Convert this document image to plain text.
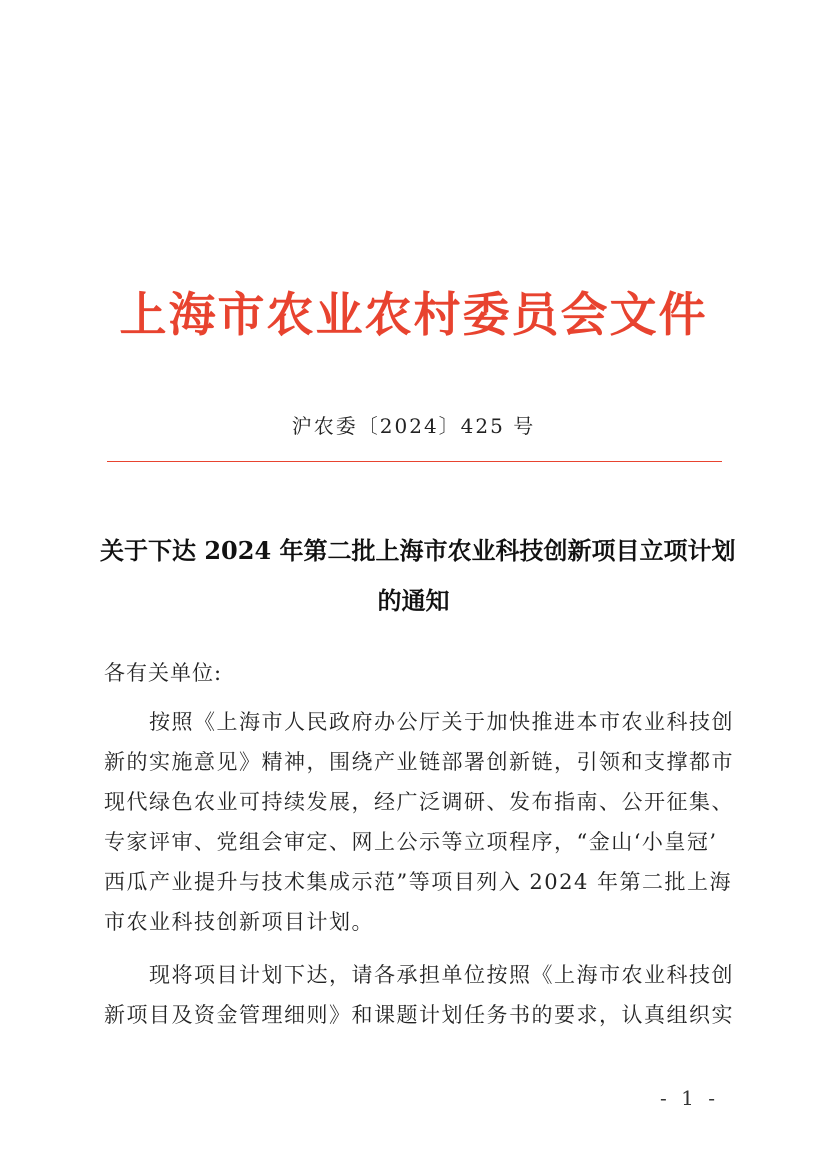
上海市农业农村委员会文件
沪农委〔2024〕425 号
关于下达 2024 年第二批上海市农业科技创新项目立项计划
的通知
各有关单位:
　　按照《上海市人民政府办公厅关于加快推进本市农业科技创
新的实施意见》精神，围绕产业链部署创新链，引领和支撑都市
现代绿色农业可持续发展，经广泛调研、发布指南、公开征集、
专家评审、党组会审定、网上公示等立项程序，“金山‘小皇冠’
西瓜产业提升与技术集成示范”等项目列入 2024 年第二批上海
市农业科技创新项目计划。
　　现将项目计划下达，请各承担单位按照《上海市农业科技创
新项目及资金管理细则》和课题计划任务书的要求，认真组织实
- 1 -
